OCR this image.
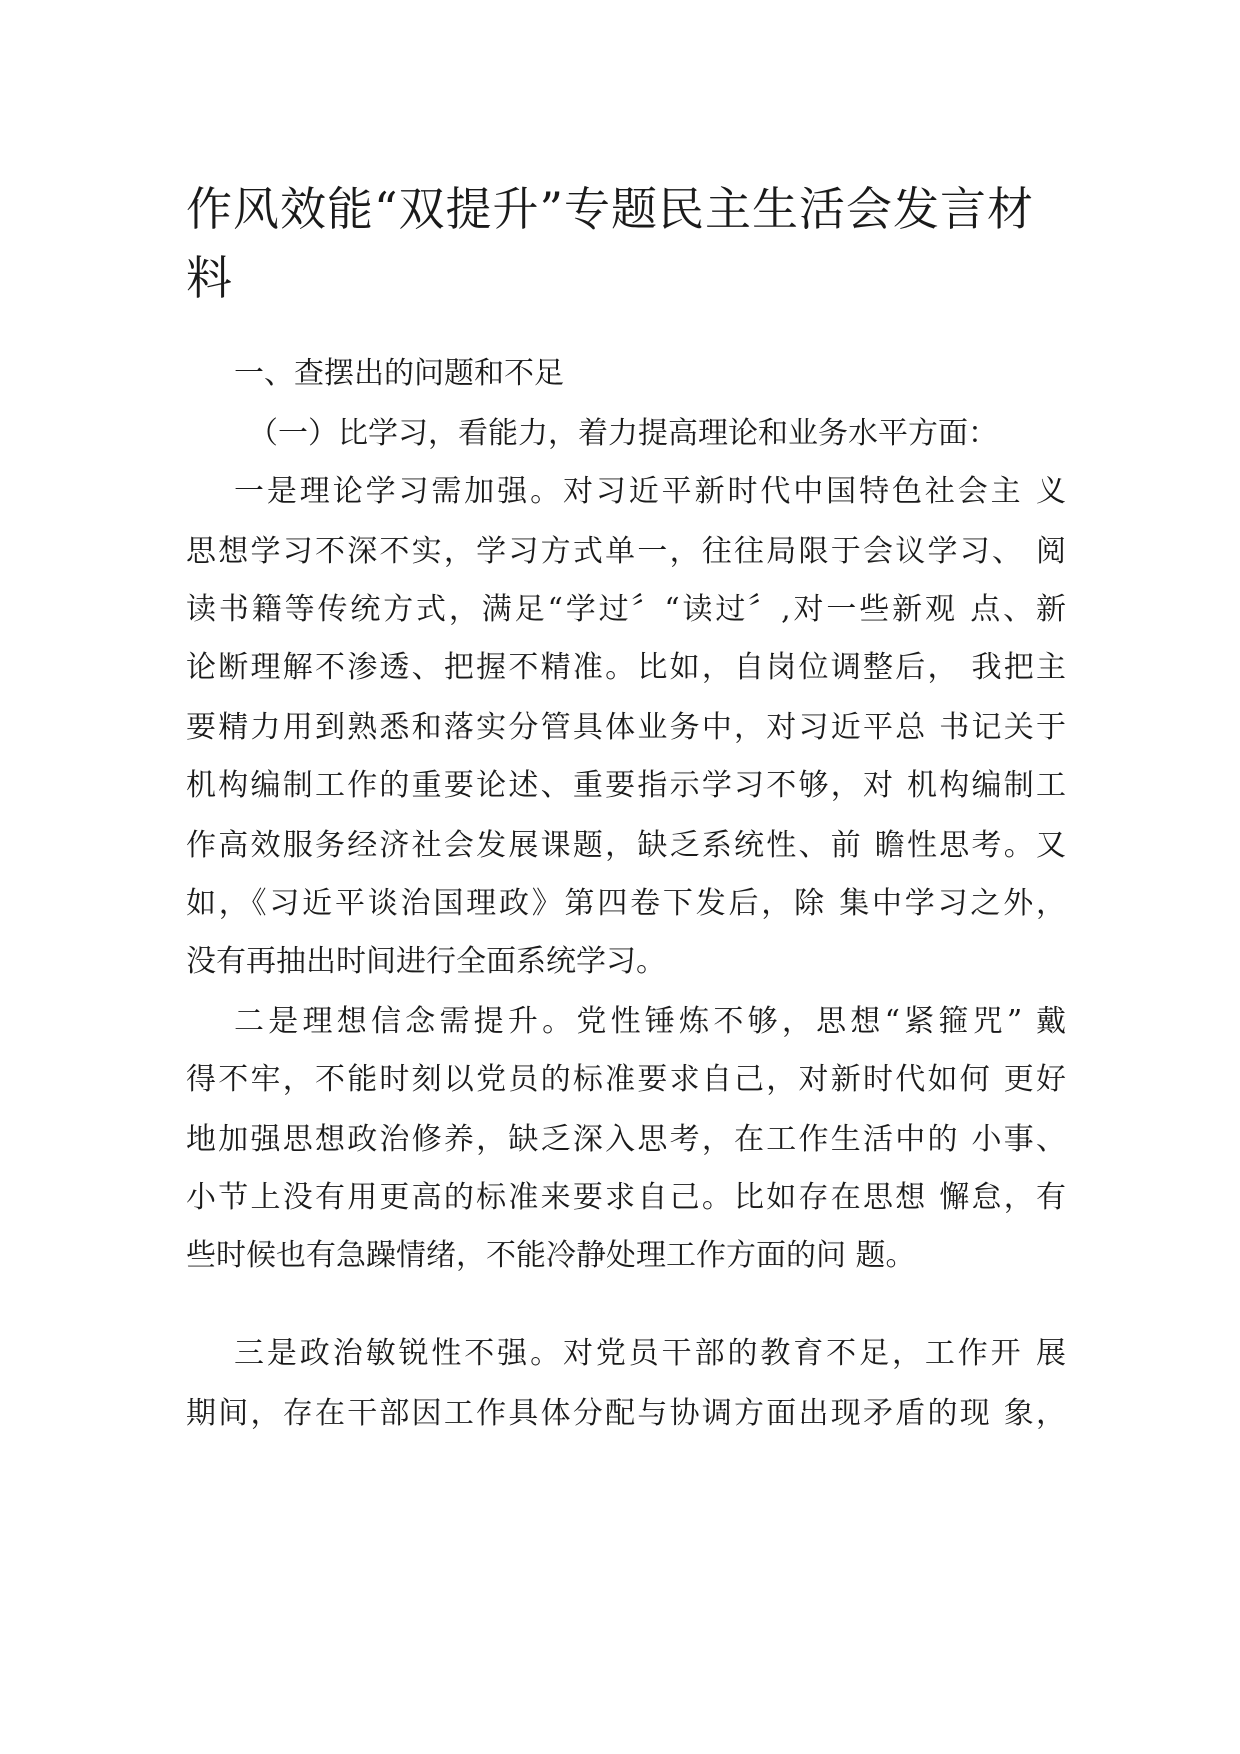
作风效能“双提升”专题民主生活会发言材料

一、查摆出的问题和不足

（一）比学习，看能力，着力提高理论和业务水平方面：

一是理论学习需加强。对习近平新时代中国特色社会主 义

思想学习不深不实，学习方式单一，往往局限于会议学习、 阅

读书籍等传统方式，满足“学过〞“读过〞,对一些新观 点、新

论断理解不渗透、把握不精准。比如，自岗位调整后， 我把主

要精力用到熟悉和落实分管具体业务中，对习近平总 书记关于

机构编制工作的重要论述、重要指示学习不够，对 机构编制工

作高效服务经济社会发展课题，缺乏系统性、前 瞻性思考。又

如，《习近平谈治国理政》第四卷下发后，除 集中学习之外，

没有再抽出时间进行全面系统学习。

二是理想信念需提升。党性锤炼不够，思想“紧箍咒” 戴

得不牢，不能时刻以党员的标准要求自己，对新时代如何 更好

地加强思想政治修养，缺乏深入思考，在工作生活中的 小事、

小节上没有用更高的标准来要求自己。比如存在思想 懈怠，有

些时候也有急躁情绪，不能冷静处理工作方面的问 题。

三是政治敏锐性不强。对党员干部的教育不足，工作开 展

期间，存在干部因工作具体分配与协调方面出现矛盾的现 象，
